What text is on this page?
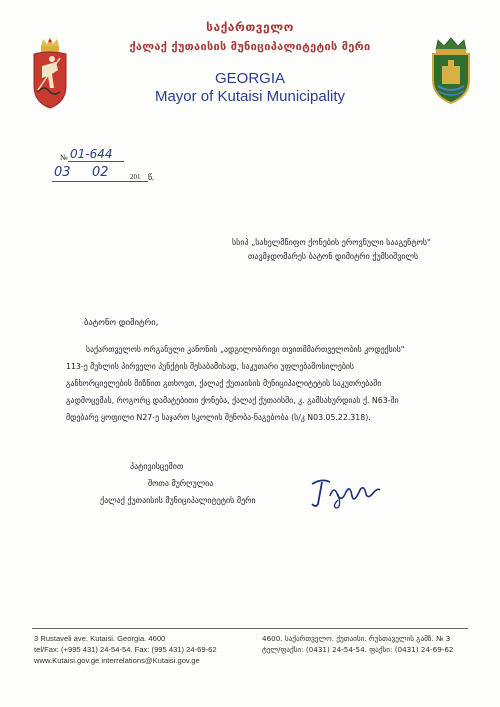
საქართველო
ქალაქ ქუთაისის მუნიციპალიტეტის მერი
GEORGIA
Mayor of Kutaisi Municipality
№ 01-644
03 02	201 წ.
სსიპ „სახელმწიფო ქონების ეროვნული სააგენტოს"
თავმჯდომარეს ბატონ დიმიტრი ქუმსიშვილს
ბატონო დიმიტრი,
საქართველოს ორგანული კანონის „ადგილობრივი თვითმმართველობის კოდექსის"
113-ე მუხლის პირველი პუნქტის შესაბამისად, საკუთარი უფლებამოსილების
განხორციელების მიზნით გთხოვთ, ქალაქ ქუთაისის მუნიციპალიტეტის საკუთრებაში
გადმოცემას, როგორც დამატებითი ქონება, ქალაქ ქუთაისში, კ. გამსახურდიას ქ. N63-ში
მდებარე ყოფილი N27-ე საჯარო სკოლის შენობა-ნაგებობა (ს/კ N03.05.22.318).
პატივისცემით
შოთა მურღულია
ქალაქ ქუთაისის მუნიციპალიტეტის მერი
3 Rustaveli ave. Kutaisi. Georgia. 4600
tel/Fax: (+995 431) 24-54-54. Fax: (995 431) 24-69-62
www.Kutaisi.gov.ge interrelations@Kutaisi.gov.ge
4600. საქართველო. ქუთაისი. რუსთაველის გამზ. № 3
ტელ/ფაქსი: (0431) 24-54-54. ფაქსი: (0431) 24-69-62
